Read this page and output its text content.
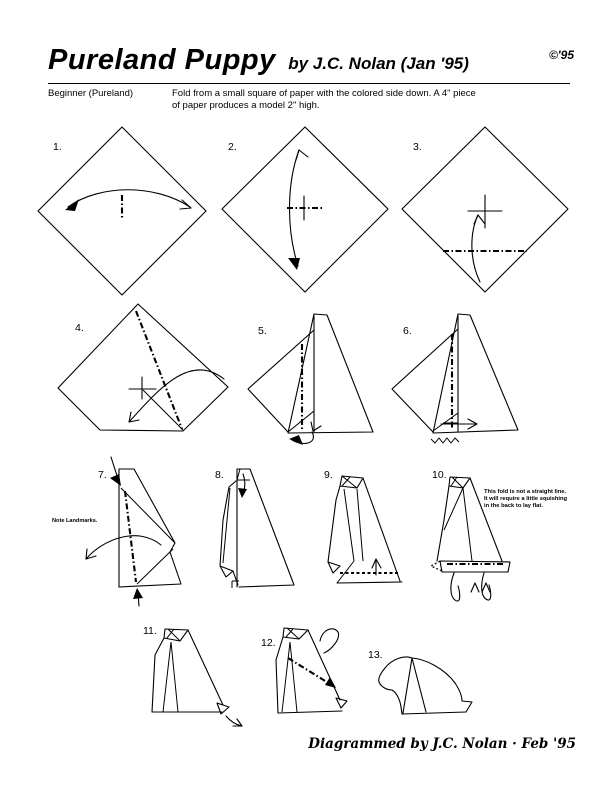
Pureland Puppy by J.C. Nolan (Jan '95)	©'95
Beginner (Pureland)	Fold from a small square of paper with the colored side down. A 4" piece
of paper produces a model 2" high.
1.	2.	3.
4.	5.	6.
7.
Note Landmarks.
8.	9.	10.
This fold is not a straight line.
It will require a little squishing
in the back to lay flat.
11.
12.
13.
Diagrammed by J.C. Nolan · Feb '95
